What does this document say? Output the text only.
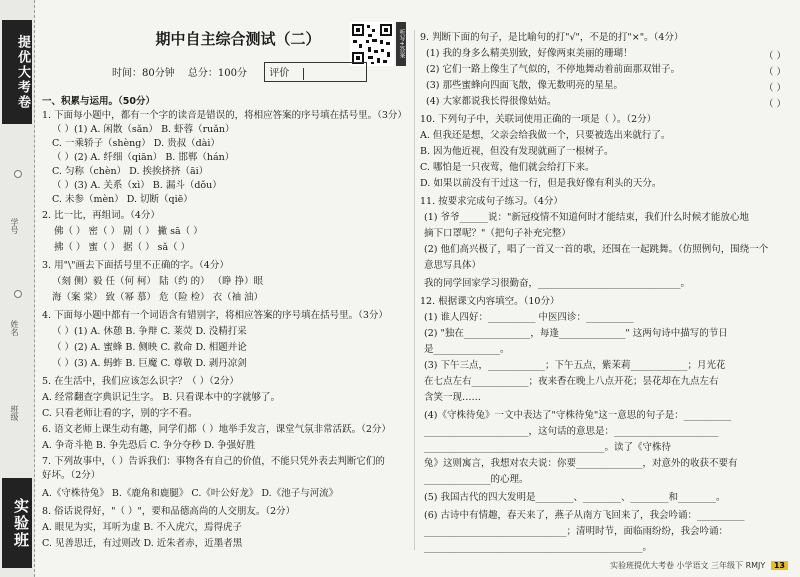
提优大考卷
学号
姓名
班级
实验班
期中自主综合测试（二）	听写+答案
时间：80分钟 总分：100分 评价
一、积累与运用。（50分）
1. 下面每小题中，都有一个字的读音是错误的，将相应答案的序号填在括号里。（3分）
（ ）(1) A. 闲散（sǎn） B. 虾蓉（ruǎn）
C. 一乘轿子（shèng） D. 贵叔（dài）
（ ）(2) A. 纤细（qiān） B. 邯郸（hán）
C. 匀称（chèn） D. 挨挨挤挤（āi）
（ ）(3) A. 关系（xì） B. 漏斗（dǒu）
C. 未参（mèn） D. 切断（qiē）
2. 比一比，再组词。（4分）
佛（ ） 密（ ） 剧（ ） 撇 sā（ ）
拂（ ） 蜜（ ） 据（ ） sǎ（ ）
3. 用"\"画去下面括号里不正确的字。（4分）
（刻 侧）毅 任（何 柯） 陆（约 的） （睁 挣）眼
海（案 棠） 致（幂 慕） 危（险 检） 衣（袖 油）
4. 下面每小题中都有一个词语含有错别字，将相应答案的序号填在括号里。（3分）
（ ）(1) A. 休憩 B. 争辩 C. 莱荧 D. 没精打采
（ ）(2) A. 蜜蜂 B. 侧映 C. 救命 D. 相题并论
（ ）(3) A. 蚂蚱 B. 巨魔 C. 尊敬 D. 剥丹凉剑
5. 在生活中，我们应该怎么识字？（ ）（2分）
A. 经常翻查字典识记生字。 B. 只看课本中的字就够了。
C. 只看老师让看的字，别的字不看。
6. 语文老师上课生动有趣，同学们都（ ）地举手发言，课堂气氛非常活跃。（2分）
A. 争奇斗艳 B. 争先恐后 C. 争分夺秒 D. 争强好胜
7. 下列故事中，（ ）告诉我们：事物各有自己的价值，不能只凭外表去判断它们的
好坏。（2分）
A.《守株待兔》 B.《鹿角和鹿腿》 C.《叶公好龙》 D.《池子与河流》
8. 俗话说得好，"（ ）"，要和品德高尚的人交朋友。（2分）
A. 眼见为实，耳听为虚 B. 不入虎穴，焉得虎子
C. 见善思迁，有过则改 D. 近朱者赤，近墨者黑
9. 判断下面的句子，是比喻句的打"√"，不是的打"×"。（4分）
(1) 我的身多么精美别致，好像两束美丽的珊瑚！	（ ）
(2) 它们一路上像生了气似的，不停地舞动着前面那双钳子。	（ ）
(3) 那些蜜蜂向四面飞散，像无数明亮的星星。	（ ）
(4) 大家都说我长得很像姑姑。	（ ）
10. 下列句子中，关联词使用正确的一项是（ ）。（2分）
A. 但我还是想，父亲会给我做一个，只要被选出来就行了。
B. 因为他近视，但没有发现就画了一根树子。
C. 哪怕是一只夜莺，他们就会给打下来。
D. 如果以前没有干过这一行，但是我好像有利头的天分。
11. 按要求完成句子练习。（4分）
(1) 爷爷______说："新冠疫情不知道何时才能结束，我们什么时候才能放心地
摘下口罩呢？"（把句子补充完整）
(2) 他们高兴极了，唱了一首又一首的歌，还围在一起跳舞。（仿照例句，围绕一个
意思写具体）
我的同学回家学习很勤奋，______________________________。
12. 根据课文内容填空。（10分）
(1) 谁人四好：__________ 中医四诊：__________
(2) "独在______________，每逢______________" 这两句诗中描写的节日
是______________。
(3) 下午三点，____________；下午五点，紫茉莉____________；月光花
在七点左右____________；夜来香在晚上八点开花；昙花却在九点左右
含笑一现……
(4)《守株待兔》一文中表达了"守株待兔"这一意思的句子是：__________
______________________，这句话的意思是：______________________
______________________________________。读了《守株待
兔》这则寓言，我想对农夫说：你要______________，对意外的收获不要有
______________的心理。
(5) 我国古代的四大发明是________、________、________和________。
(6) 古诗中有情趣，春天来了，燕子从南方飞回来了，我会吟诵：__________
______________________________；清明时节，面临雨纷纷，我会吟诵：
______________________________________________。
实验班提优大考卷 小学语文 三年级下 RMJY 13
